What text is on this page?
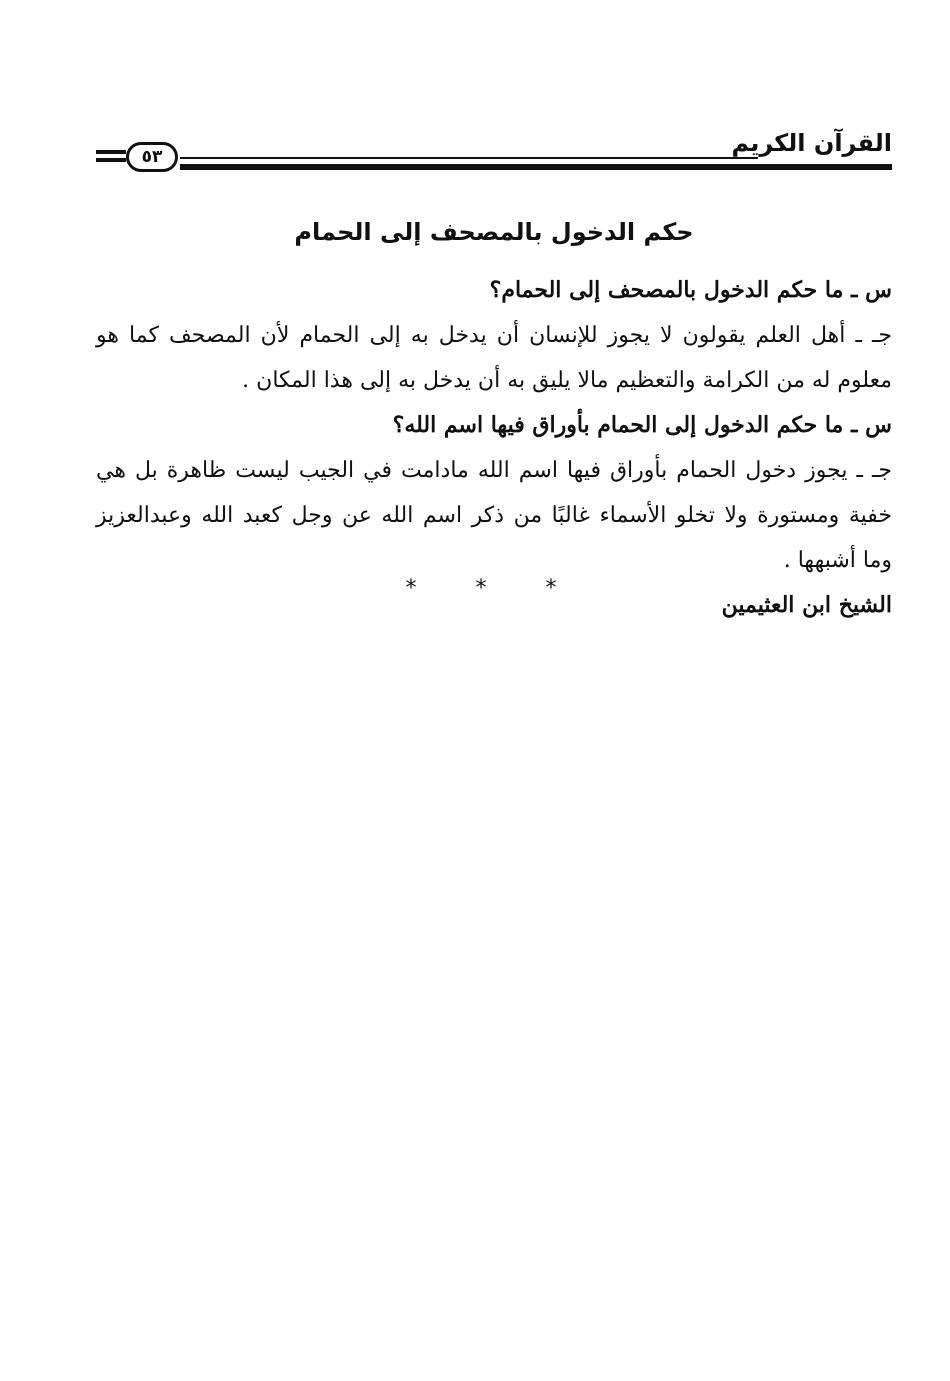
القرآن الكريم
٥٣
حكم الدخول بالمصحف إلى الحمام

س ـ ما حكم الدخول بالمصحف إلى الحمام؟

جـ ـ أهل العلم يقولون لا يجوز للإنسان أن يدخل به إلى الحمام لأن المصحف كما هو معلوم له من الكرامة والتعظيم مالا يليق به أن يدخل به إلى هذا المكان .

س ـ ما حكم الدخول إلى الحمام بأوراق فيها اسم الله؟

جـ ـ يجوز دخول الحمام بأوراق فيها اسم الله مادامت في الجيب ليست ظاهرة بل هي خفية ومستورة ولا تخلو الأسماء غالبًا من ذكر اسم الله عن وجل كعبد الله وعبدالعزيز وما أشبهها .

الشيخ ابن العثيمين

* * *
